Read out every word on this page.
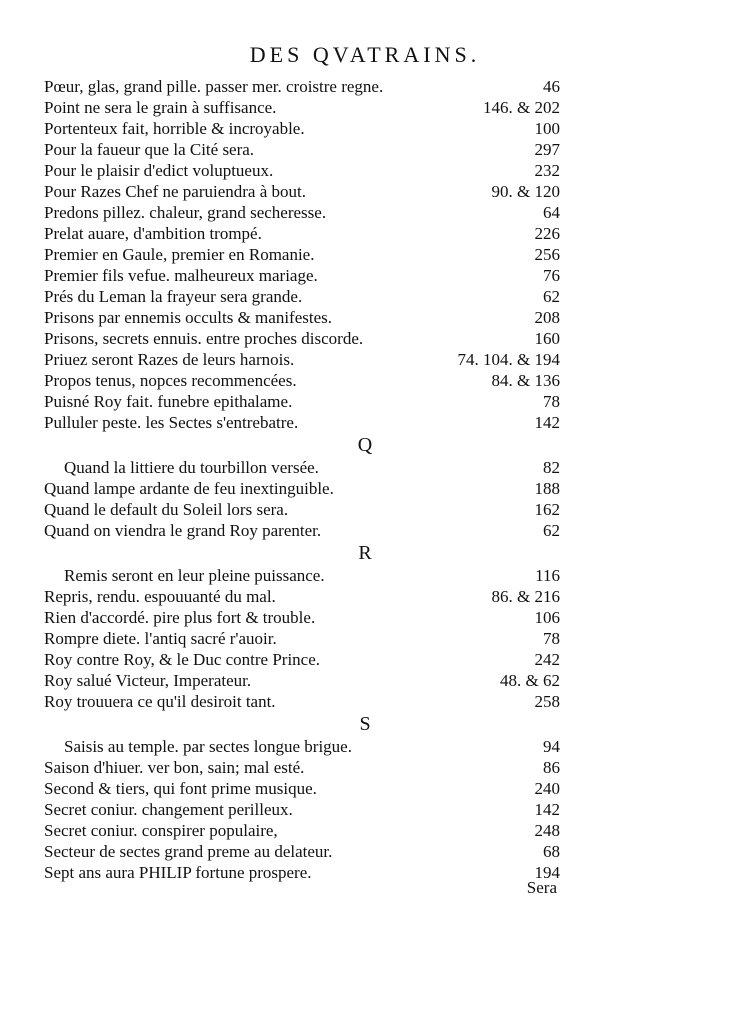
DES QVATRAINS.
Pœur, glas, grand pille. passer mer. croistre regne.	46
Point ne sera le grain à suffisance.	146. & 202
Portenteux fait, horrible & incroyable.	100
Pour la faueur que la Cité sera.	297
Pour le plaisir d'edict voluptueux.	232
Pour Razes Chef ne paruiendra à bout.	90. & 120
Predons pillez. chaleur, grand secheresse.	64
Prelat auare, d'ambition trompé.	226
Premier en Gaule, premier en Romanie.	256
Premier fils vefue. malheureux mariage.	76
Prés du Leman la frayeur sera grande.	62
Prisons par ennemis occults & manifestes.	208
Prisons, secrets ennuis. entre proches discorde.	160
Priuez seront Razes de leurs harnois.	74. 104. & 194
Propos tenus, nopces recommencées.	84. & 136
Puisné Roy fait. funebre epithalame.	78
Pulluler peste. les Sectes s'entrebatre.	142
Q
Quand la littiere du tourbillon versée.	82
Quand lampe ardante de feu inextinguible.	188
Quand le default du Soleil lors sera.	162
Quand on viendra le grand Roy parenter.	62
R
Remis seront en leur pleine puissance.	116
Repris, rendu. espouuanté du mal.	86. & 216
Rien d'accordé. pire plus fort & trouble.	106
Rompre diete. l'antiq sacré r'auoir.	78
Roy contre Roy, & le Duc contre Prince.	242
Roy salué Victeur, Imperateur.	48. & 62
Roy trouuera ce qu'il desiroit tant.	258
S
Saisis au temple. par sectes longue brigue.	94
Saison d'hiuer. ver bon, sain; mal esté.	86
Second & tiers, qui font prime musique.	240
Secret coniur. changement perilleux.	142
Secret coniur. conspirer populaire,	248
Secteur de sectes grand preme au delateur.	68
Sept ans aura PHILIP fortune prospere.	194
Sera
